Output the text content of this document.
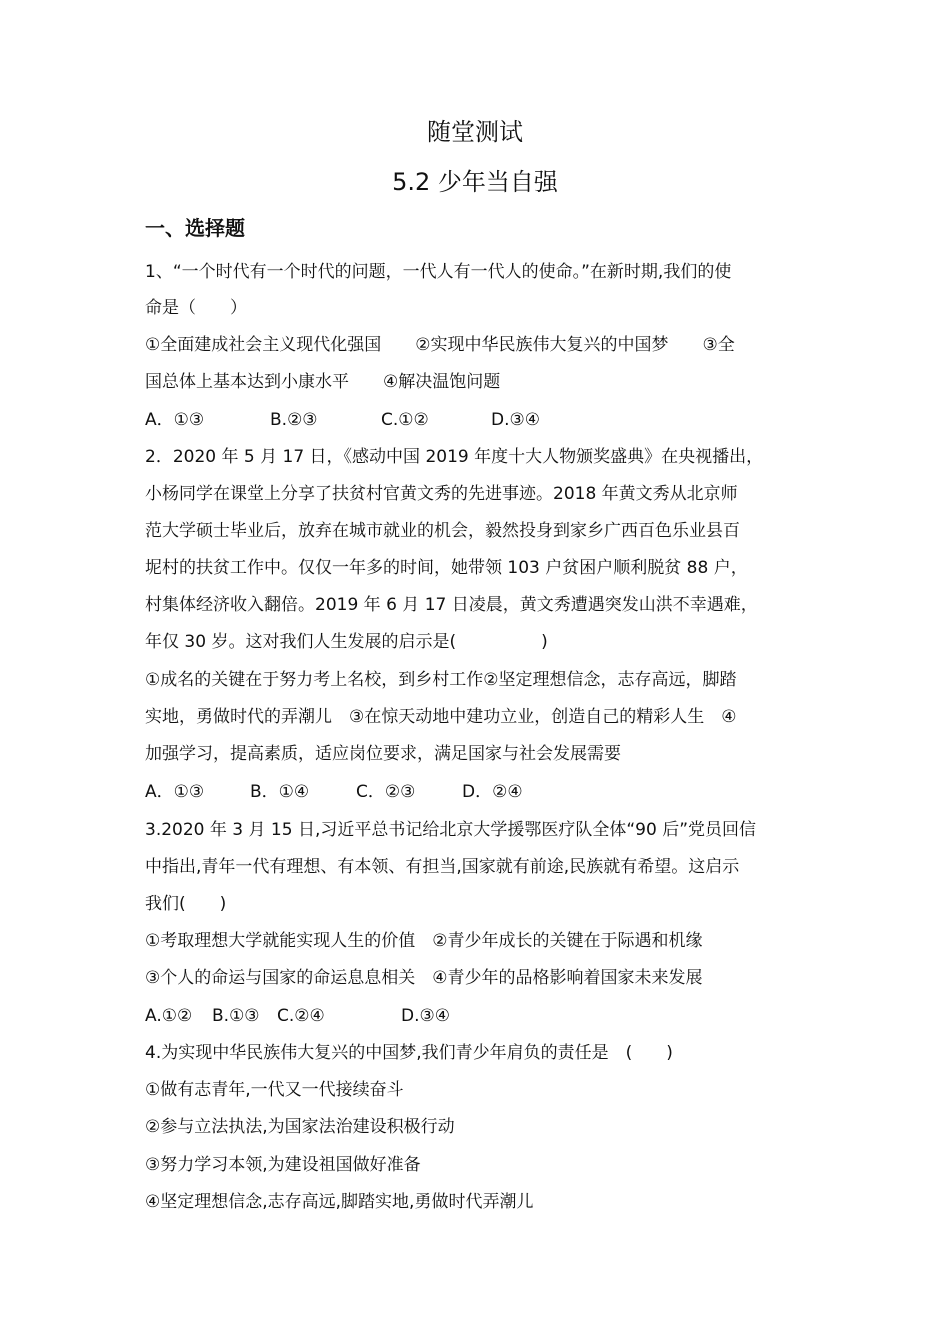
随堂测试
5.2 少年当自强
一、选择题
1、“一个时代有一个时代的问题，一代人有一代人的使命。”在新时期,我们的使
命是（　　）
①全面建成社会主义现代化强国　　②实现中华民族伟大复兴的中国梦　　③全
国总体上基本达到小康水平　　④解决温饱问题
A．①③	B.②③	C.①②	D.③④
2．2020 年 5 月 17 日，《感动中国 2019 年度十大人物颁奖盛典》在央视播出，
小杨同学在课堂上分享了扶贫村官黄文秀的先进事迹。2018 年黄文秀从北京师
范大学硕士毕业后，放弃在城市就业的机会，毅然投身到家乡广西百色乐业县百
坭村的扶贫工作中。仅仅一年多的时间，她带领 103 户贫困户顺利脱贫 88 户，
村集体经济收入翻倍。2019 年 6 月 17 日凌晨，黄文秀遭遇突发山洪不幸遇难，
年仅 30 岁。这对我们人生发展的启示是(　　　　　)
①成名的关键在于努力考上名校，到乡村工作②坚定理想信念，志存高远，脚踏
实地，勇做时代的弄潮儿　③在惊天动地中建功立业，创造自己的精彩人生　④
加强学习，提高素质，适应岗位要求，满足国家与社会发展需要
A．①③	B．①④	C．②③	D．②④
3.2020 年 3 月 15 日,习近平总书记给北京大学援鄂医疗队全体“90 后”党员回信
中指出,青年一代有理想、有本领、有担当,国家就有前途,民族就有希望。这启示
我们(　　)
①考取理想大学就能实现人生的价值　②青少年成长的关键在于际遇和机缘
③个人的命运与国家的命运息息相关　④青少年的品格影响着国家未来发展
A.①② B.①③ C.②④	D.③④
4.为实现中华民族伟大复兴的中国梦,我们青少年肩负的责任是　(　　)
①做有志青年,一代又一代接续奋斗
②参与立法执法,为国家法治建设积极行动
③努力学习本领,为建设祖国做好准备
④坚定理想信念,志存高远,脚踏实地,勇做时代弄潮儿
